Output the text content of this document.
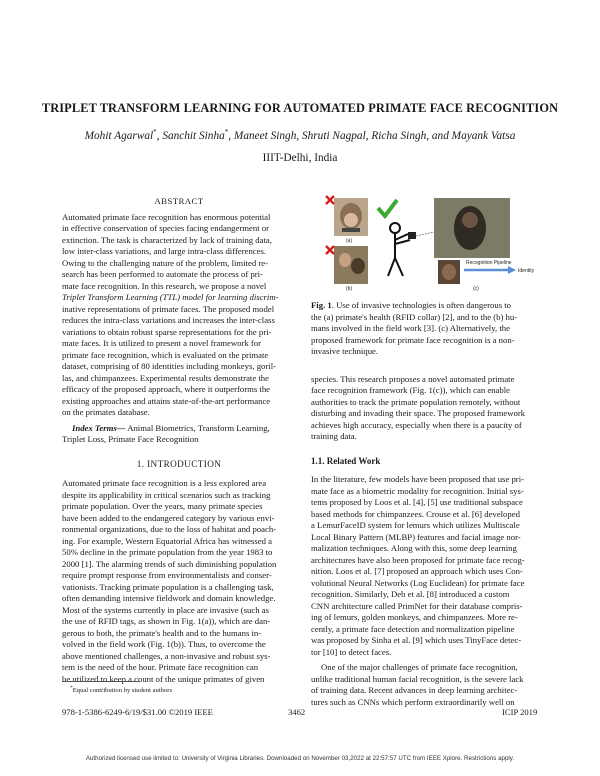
TRIPLET TRANSFORM LEARNING FOR AUTOMATED PRIMATE FACE RECOGNITION
Mohit Agarwal*, Sanchit Sinha*, Maneet Singh, Shruti Nagpal, Richa Singh, and Mayank Vatsa
IIIT-Delhi, India
ABSTRACT

Automated primate face recognition has enormous potential

in effective conservation of species facing endangerment or

extinction. The task is characterized by lack of training data,

low inter-class variations, and large intra-class differences.

Owing to the challenging nature of the problem, limited re-

search has been performed to automate the process of pri-

mate face recognition. In this research, we propose a novel

Triplet Transform Learning (TTL) model for learning discrim-

inative representations of primate faces. The proposed model

reduces the intra-class variations and increases the inter-class

variations to obtain robust sparse representations for the pri-

mate faces. It is utilized to present a novel framework for

primate face recognition, which is evaluated on the primate

dataset, comprising of 80 identities including monkeys, goril-

las, and chimpanzees. Experimental results demonstrate the

efficacy of the proposed approach, where it outperforms the

existing approaches and attains state-of-the-art performance

on the primates database.

Index Terms— Animal Biometrics, Transform Learning,

Triplet Loss, Primate Face Recognition

1. INTRODUCTION

Automated primate face recognition is a less explored area

despite its applicability in critical scenarios such as tracking

primate population. Over the years, many primate species

have been added to the endangered category by various envi-

ronmental organizations, due to the loss of habitat and poach-

ing. For example, Western Equatorial Africa has witnessed a

50% decline in the primate population from the year 1983 to

2000 [1]. The alarming trends of such diminishing population

require prompt response from environmentalists and conser-

vationists. Tracking primate population is a challenging task,

often demanding intensive fieldwork and domain knowledge.

Most of the systems currently in place are invasive (such as

the use of RFID tags, as shown in Fig. 1(a)), which are dan-

gerous to both, the primate's health and to the humans in-

volved in the field work (Fig. 1(b)). Thus, to overcome the

above mentioned challenges, a non-invasive and robust sys-

tem is the need of the hour. Primate face recognition can

be utilized to keep a count of the unique primates of given

*Equal contribution by student authors
(a)
(b)
Recognition Pipeline
Identity
(c)

Fig. 1. Use of invasive technologies is often dangerous to

the (a) primate's health (RFID collar) [2], and to the (b) hu-

mans involved in the field work [3]. (c) Alternatively, the

proposed framework for primate face recognition is a non-

invasive technique.

species. This research proposes a novel automated primate

face recognition framework (Fig. 1(c)), which can enable

authorities to track the primate population remotely, without

disturbing and invading their space. The proposed framework

achieves high accuracy, especially when there is a paucity of

training data.

1.1. Related Work

In the literature, few models have been proposed that use pri-

mate face as a biometric modality for recognition. Initial sys-

tems proposed by Loos et al. [4], [5] use traditional subspace

based methods for chimpanzees. Crouse et al. [6] developed

a LemurFaceID system for lemurs which utilizes Multiscale

Local Binary Pattern (MLBP) features and facial image nor-

malization techniques. Along with this, some deep learning

architectures have also been proposed for primate face recog-

nition. Loos et al. [7] proposed an approach which uses Con-

volutional Neural Networks (Log Euclidean) for primate face

recognition. Similarly, Deb et al. [8] introduced a custom

CNN architecture called PrimNet for their database compris-

ing of lemurs, golden monkeys, and chimpanzees. More re-

cently, a primate face detection and normalization pipeline

was proposed by Sinha et al. [9] which uses TinyFace detec-

tor [10] to detect faces.

One of the major challenges of primate face recognition,

unlike traditional human facial recognition, is the severe lack

of training data. Recent advances in deep learning architec-

tures such as CNNs which perform extraordinarily well on

978-1-5386-6249-6/19/$31.00 ©2019 IEEE	3462	ICIP 2019
Authorized licensed use limited to: University of Virginia Libraries. Downloaded on November 03,2022 at 22:57:57 UTC from IEEE Xplore. Restrictions apply.
